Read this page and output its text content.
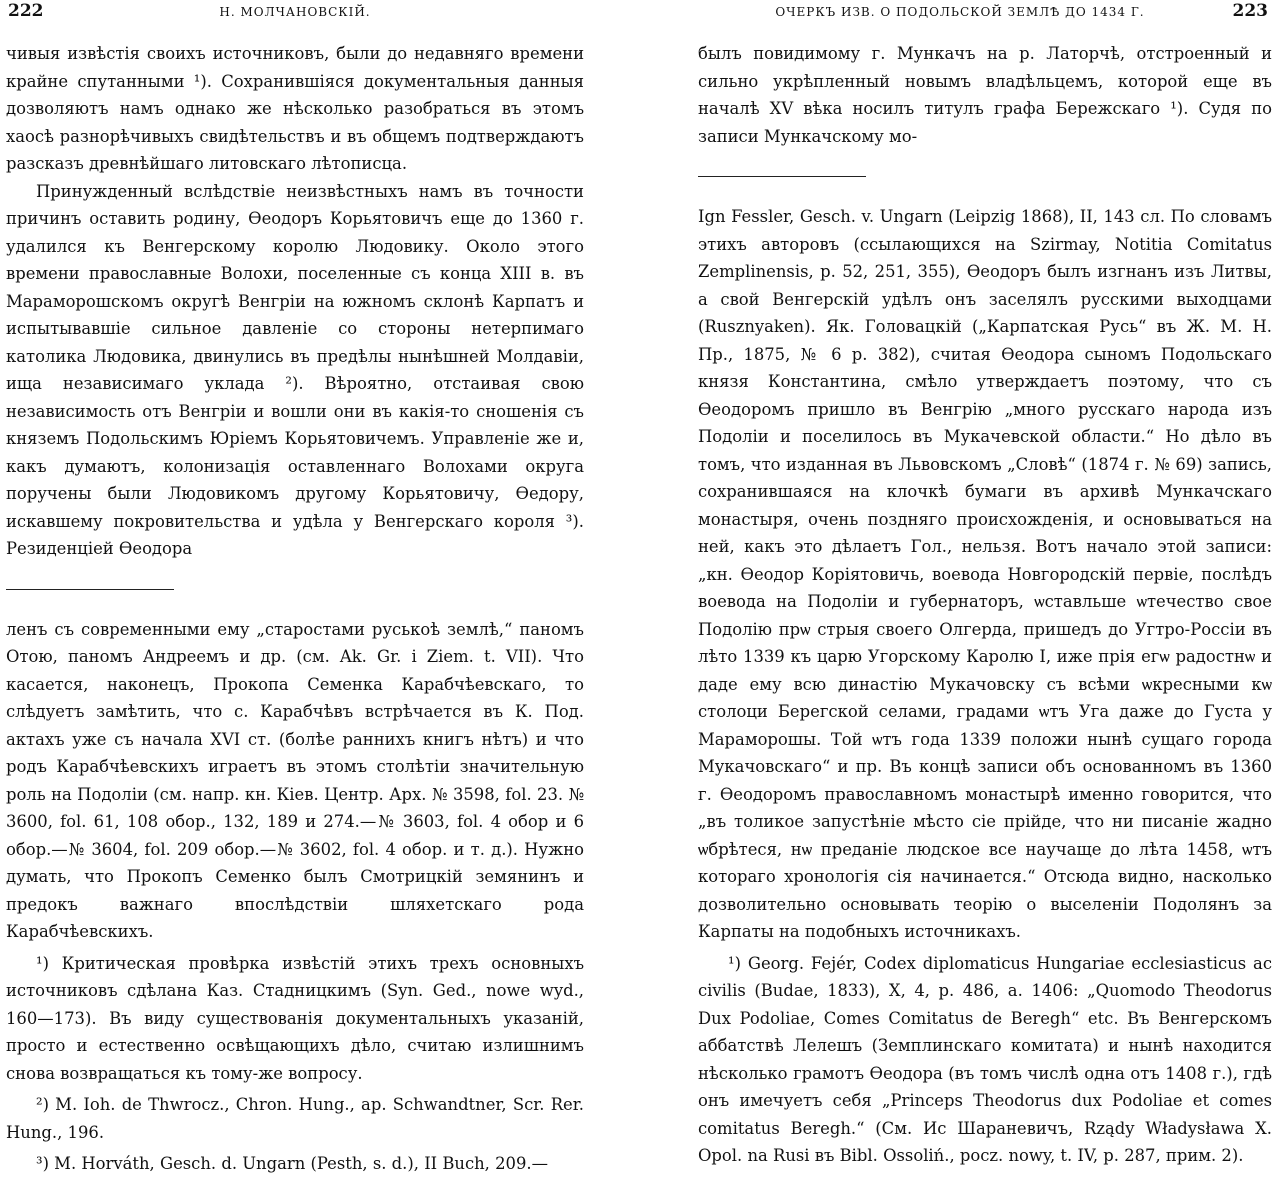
222	Н. МОЛЧАНОВСКІЙ.

чивыя извѣстія своихъ источниковъ, были до недавняго времени крайне спутанными ¹). Сохранившіяся документальныя данныя дозволяютъ намъ однако же нѣсколько разобраться въ этомъ хаосѣ разнорѣчивыхъ свидѣтельствъ и въ общемъ подтверждаютъ разсказъ древнѣйшаго литовскаго лѣтописца.

Принужденный вслѣдствіе неизвѣстныхъ намъ въ точности причинъ оставить родину, Ѳеодоръ Корьятовичъ еще до 1360 г. удалился къ Венгерскому королю Людовику. Около этого времени православные Волохи, поселенные съ конца XIII в. въ Мараморошскомъ округѣ Венгріи на южномъ склонѣ Карпатъ и испытывавшіе сильное давленіе со стороны нетерпимаго католика Людовика, двинулись въ предѣлы нынѣшней Молдавіи, ища независимаго уклада ²). Вѣроятно, отстаивая свою независимость отъ Венгріи и вошли они въ какія-то сношенія съ княземъ Подольскимъ Юріемъ Корьятовичемъ. Управленіе же и, какъ думаютъ, колонизація оставленнаго Волохами округа поручены были Людовикомъ другому Корьятовичу, Ѳедору, искавшему покровительства и удѣла у Венгерскаго короля ³). Резиденціей Ѳеодора

ленъ съ современными ему „старостами руськоѣ землѣ,“ паномъ Отою, паномъ Андреемъ и др. (см. Ak. Gr. i Ziem. t. VII). Что касается, наконецъ, Прокопа Семенка Карабчѣевскаго, то слѣдуетъ замѣтить, что с. Карабчѣвъ встрѣчается въ К. Под. актахъ уже съ начала XVI ст. (болѣе раннихъ книгъ нѣтъ) и что родъ Карабчѣевскихъ играетъ въ этомъ столѣтіи значительную роль на Подоліи (см. напр. кн. Кіев. Центр. Арх. № 3598, fol. 23. № 3600, fol. 61, 108 обор., 132, 189 и 274.—№ 3603, fol. 4 обор и 6 обор.—№ 3604, fol. 209 обор.—№ 3602, fol. 4 обор. и т. д.). Нужно думать, что Прокопъ Семенко былъ Смотрицкій земянинъ и предокъ важнаго впослѣдствіи шляхетскаго рода Карабчѣевскихъ.

¹) Критическая провѣрка извѣстій этихъ трехъ основныхъ источниковъ сдѣлана Каз. Стадницкимъ (Syn. Ged., nowe wyd., 160—173). Въ виду существованія документальныхъ указаній, просто и естественно освѣщающихъ дѣло, считаю излишнимъ снова возвращаться къ тому-же вопросу.

²) M. Ioh. de Thwrocz., Chron. Hung., ap. Schwandtner, Scr. Rer. Hung., 196.

³) M. Horváth, Gesch. d. Ungarn (Pesth, s. d.), II Buch, 209.—

ОЧЕРКЪ ИЗВ. О ПОДОЛЬСКОЙ ЗЕМЛѢ ДО 1434 Г.	223

былъ повидимому г. Мункачъ на р. Латорчѣ, отстроенный и сильно укрѣпленный новымъ владѣльцемъ, которой еще въ началѣ XV вѣка носилъ титулъ графа Бережскаго ¹). Судя по записи Мункачскому мо-

Ign Fessler, Gesch. v. Ungarn (Leipzig 1868), II, 143 сл. По словамъ этихъ авторовъ (ссылающихся на Szirmay, Notitia Comitatus Zemplinensis, p. 52, 251, 355), Ѳеодоръ былъ изгнанъ изъ Литвы, а свой Венгерскій удѣлъ онъ заселялъ русскими выходцами (Rusznyaken). Як. Головацкій („Карпатская Русь“ въ Ж. М. Н. Пр., 1875, № 6 р. 382), считая Ѳеодора сыномъ Подольскаго князя Константина, смѣло утверждаетъ поэтому, что съ Ѳеодоромъ пришло въ Венгрію „много русскаго народа изъ Подоліи и поселилось въ Мукачевской области.“ Но дѣло въ томъ, что изданная въ Львовскомъ „Словѣ“ (1874 г. № 69) запись, сохранившаяся на клочкѣ бумаги въ архивѣ Мункачскаго монастыря, очень поздняго происхожденія, и основываться на ней, какъ это дѣлаетъ Гол., нельзя. Вотъ начало этой записи: „кн. Ѳеодор Коріятовичь, воевода Новгородскій первіе, послѣдъ воевода на Подоліи и губернаторъ, ѡставльше ѡтечество свое Подолію прѡ стрыя своего Олгерда, пришедъ до Угтро-Россіи въ лѣто 1339 къ царю Угорскому Каролю I, иже прія егѡ радостнѡ и даде ему всю династію Мукачовску съ всѣми ѡкресными кѡ столоци Берегской селами, градами ѡтъ Уга даже до Густа у Мараморошы. Той ѡтъ года 1339 положи нынѣ сущаго города Мукачовскаго“ и пр. Въ концѣ записи объ основанномъ въ 1360 г. Ѳеодоромъ православномъ монастырѣ именно говорится, что „въ толикое запустѣніе мѣсто сіе прійде, что ни писаніе жадно ѡбрѣтеся, нѡ преданіе людское все научаще до лѣта 1458, ѡтъ котораго хронологія сія начинается.“ Отсюда видно, насколько дозволительно основывать теорію о выселеніи Подолянъ за Карпаты на подобныхъ источникахъ.

¹) Georg. Fejér, Codex diplomaticus Hungariae ecclesiasticus ac civilis (Budae, 1833), X, 4, p. 486, a. 1406: „Quomodo Theodorus Dux Podoliae, Comes Comitatus de Beregh“ etc. Въ Венгерскомъ аббатствѣ Лелешъ (Земплинскаго комитата) и нынѣ находится нѣсколько грамотъ Ѳеодора (въ томъ числѣ одна отъ 1408 г.), гдѣ онъ имечуетъ себя „Princeps Theodorus dux Podoliae et comes comitatus Beregh.“ (См. Ис Шараневичъ, Rządy Władysława X. Opol. na Rusi въ Bibl. Ossoliń., pocz. nowy, t. IV, p. 287, прим. 2).
